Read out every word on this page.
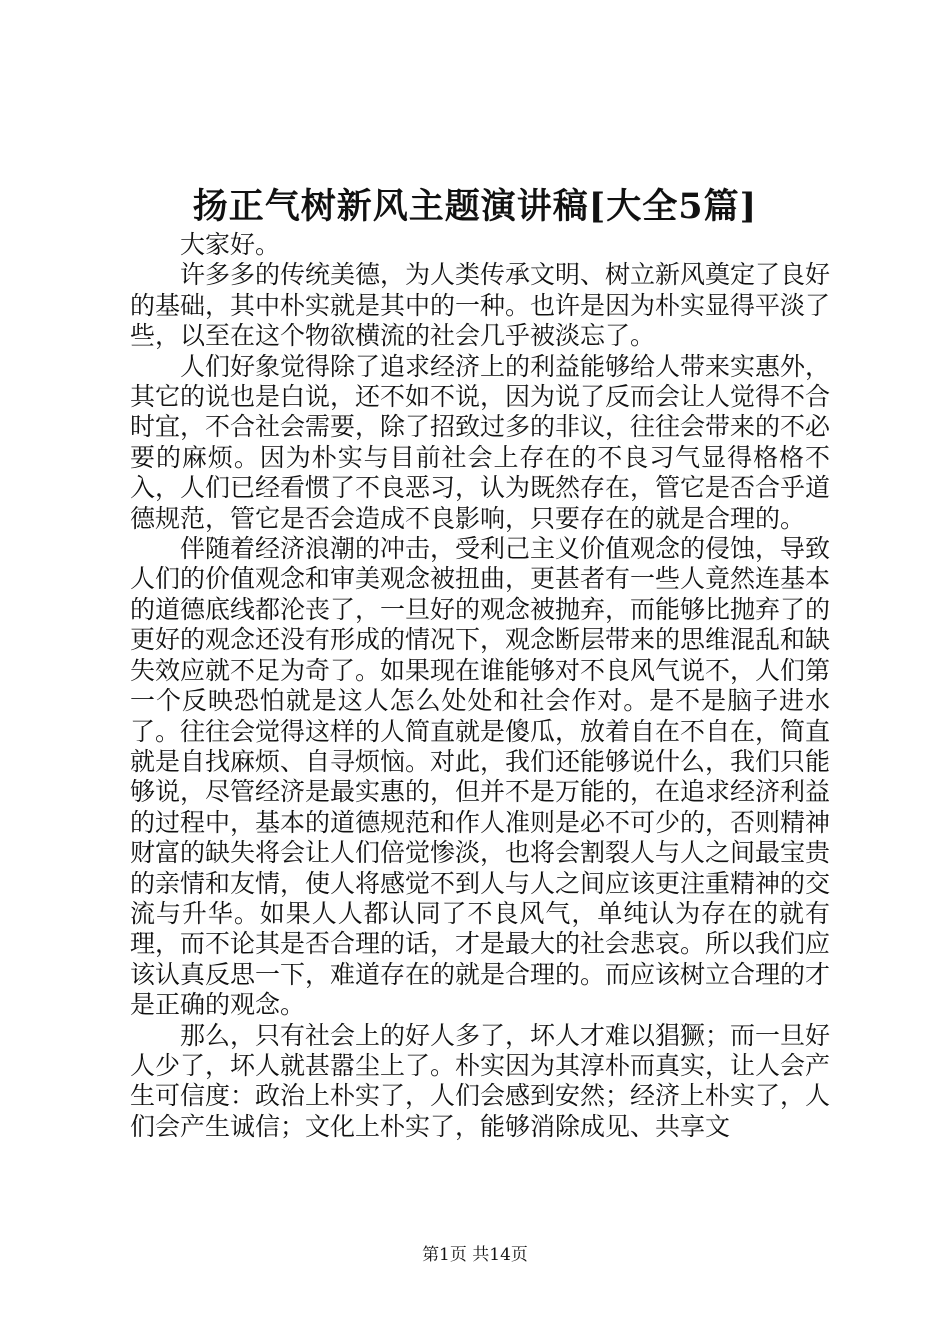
扬正气树新风主题演讲稿[大全5篇]

大家好。

许多多的传统美德，为人类传承文明、树立新风奠定了良好的基础，其中朴实就是其中的一种。也许是因为朴实显得平淡了些，以至在这个物欲横流的社会几乎被淡忘了。

人们好象觉得除了追求经济上的利益能够给人带来实惠外，其它的说也是白说，还不如不说，因为说了反而会让人觉得不合时宜，不合社会需要，除了招致过多的非议，往往会带来的不必要的麻烦。因为朴实与目前社会上存在的不良习气显得格格不入，人们已经看惯了不良恶习，认为既然存在，管它是否合乎道德规范，管它是否会造成不良影响，只要存在的就是合理的。

伴随着经济浪潮的冲击，受利己主义价值观念的侵蚀，导致人们的价值观念和审美观念被扭曲，更甚者有一些人竟然连基本的道德底线都沦丧了，一旦好的观念被抛弃，而能够比抛弃了的更好的观念还没有形成的情况下，观念断层带来的思维混乱和缺失效应就不足为奇了。如果现在谁能够对不良风气说不，人们第一个反映恐怕就是这人怎么处处和社会作对。是不是脑子进水了。往往会觉得这样的人简直就是傻瓜，放着自在不自在，简直就是自找麻烦、自寻烦恼。对此，我们还能够说什么，我们只能够说，尽管经济是最实惠的，但并不是万能的，在追求经济利益的过程中，基本的道德规范和作人准则是必不可少的，否则精神财富的缺失将会让人们倍觉惨淡，也将会割裂人与人之间最宝贵的亲情和友情，使人将感觉不到人与人之间应该更注重精神的交流与升华。如果人人都认同了不良风气，单纯认为存在的就有理，而不论其是否合理的话，才是最大的社会悲哀。所以我们应该认真反思一下，难道存在的就是合理的。而应该树立合理的才是正确的观念。

那么，只有社会上的好人多了，坏人才难以猖獗；而一旦好人少了，坏人就甚嚣尘上了。朴实因为其淳朴而真实，让人会产生可信度：政治上朴实了，人们会感到安然；经济上朴实了，人们会产生诚信；文化上朴实了，能够消除成见、共享文

第1页 共14页
